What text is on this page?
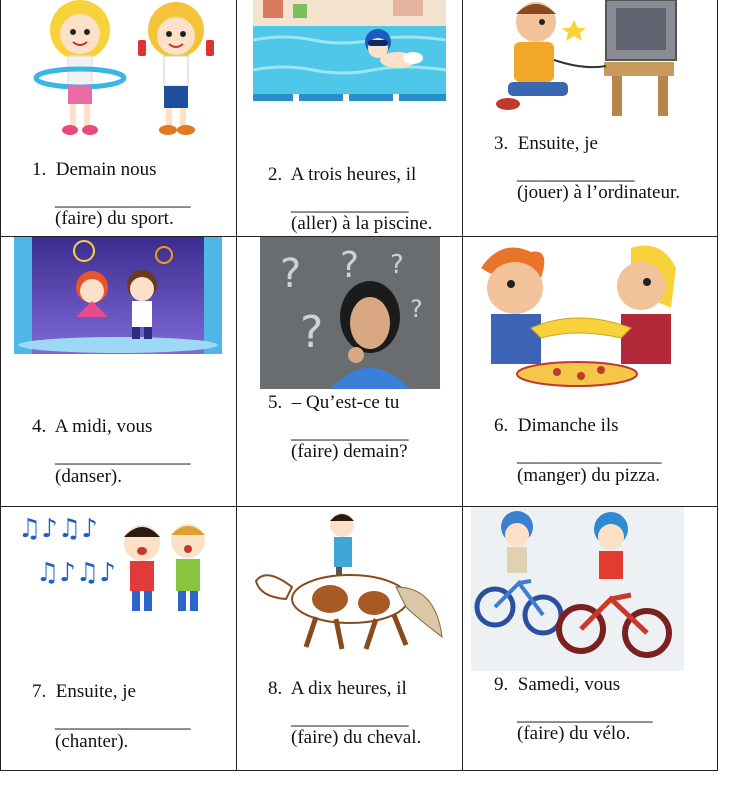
? ? ?
?	?
♫♪♫♪
♫♪♫♪
1. Demain nous
_______________
(faire) du sport.
2. A trois heures, il
_____________
(aller) à la piscine.
3. Ensuite, je
_____________
(jouer) à l’ordinateur.
4. A midi, vous
_______________
(danser).
5. – Qu’est-ce tu
_____________
(faire) demain?
6. Dimanche ils
________________
(manger) du pizza.
7. Ensuite, je
_______________
(chanter).
8. A dix heures, il
_____________
(faire) du cheval.
9. Samedi, vous
_______________
(faire) du vélo.
